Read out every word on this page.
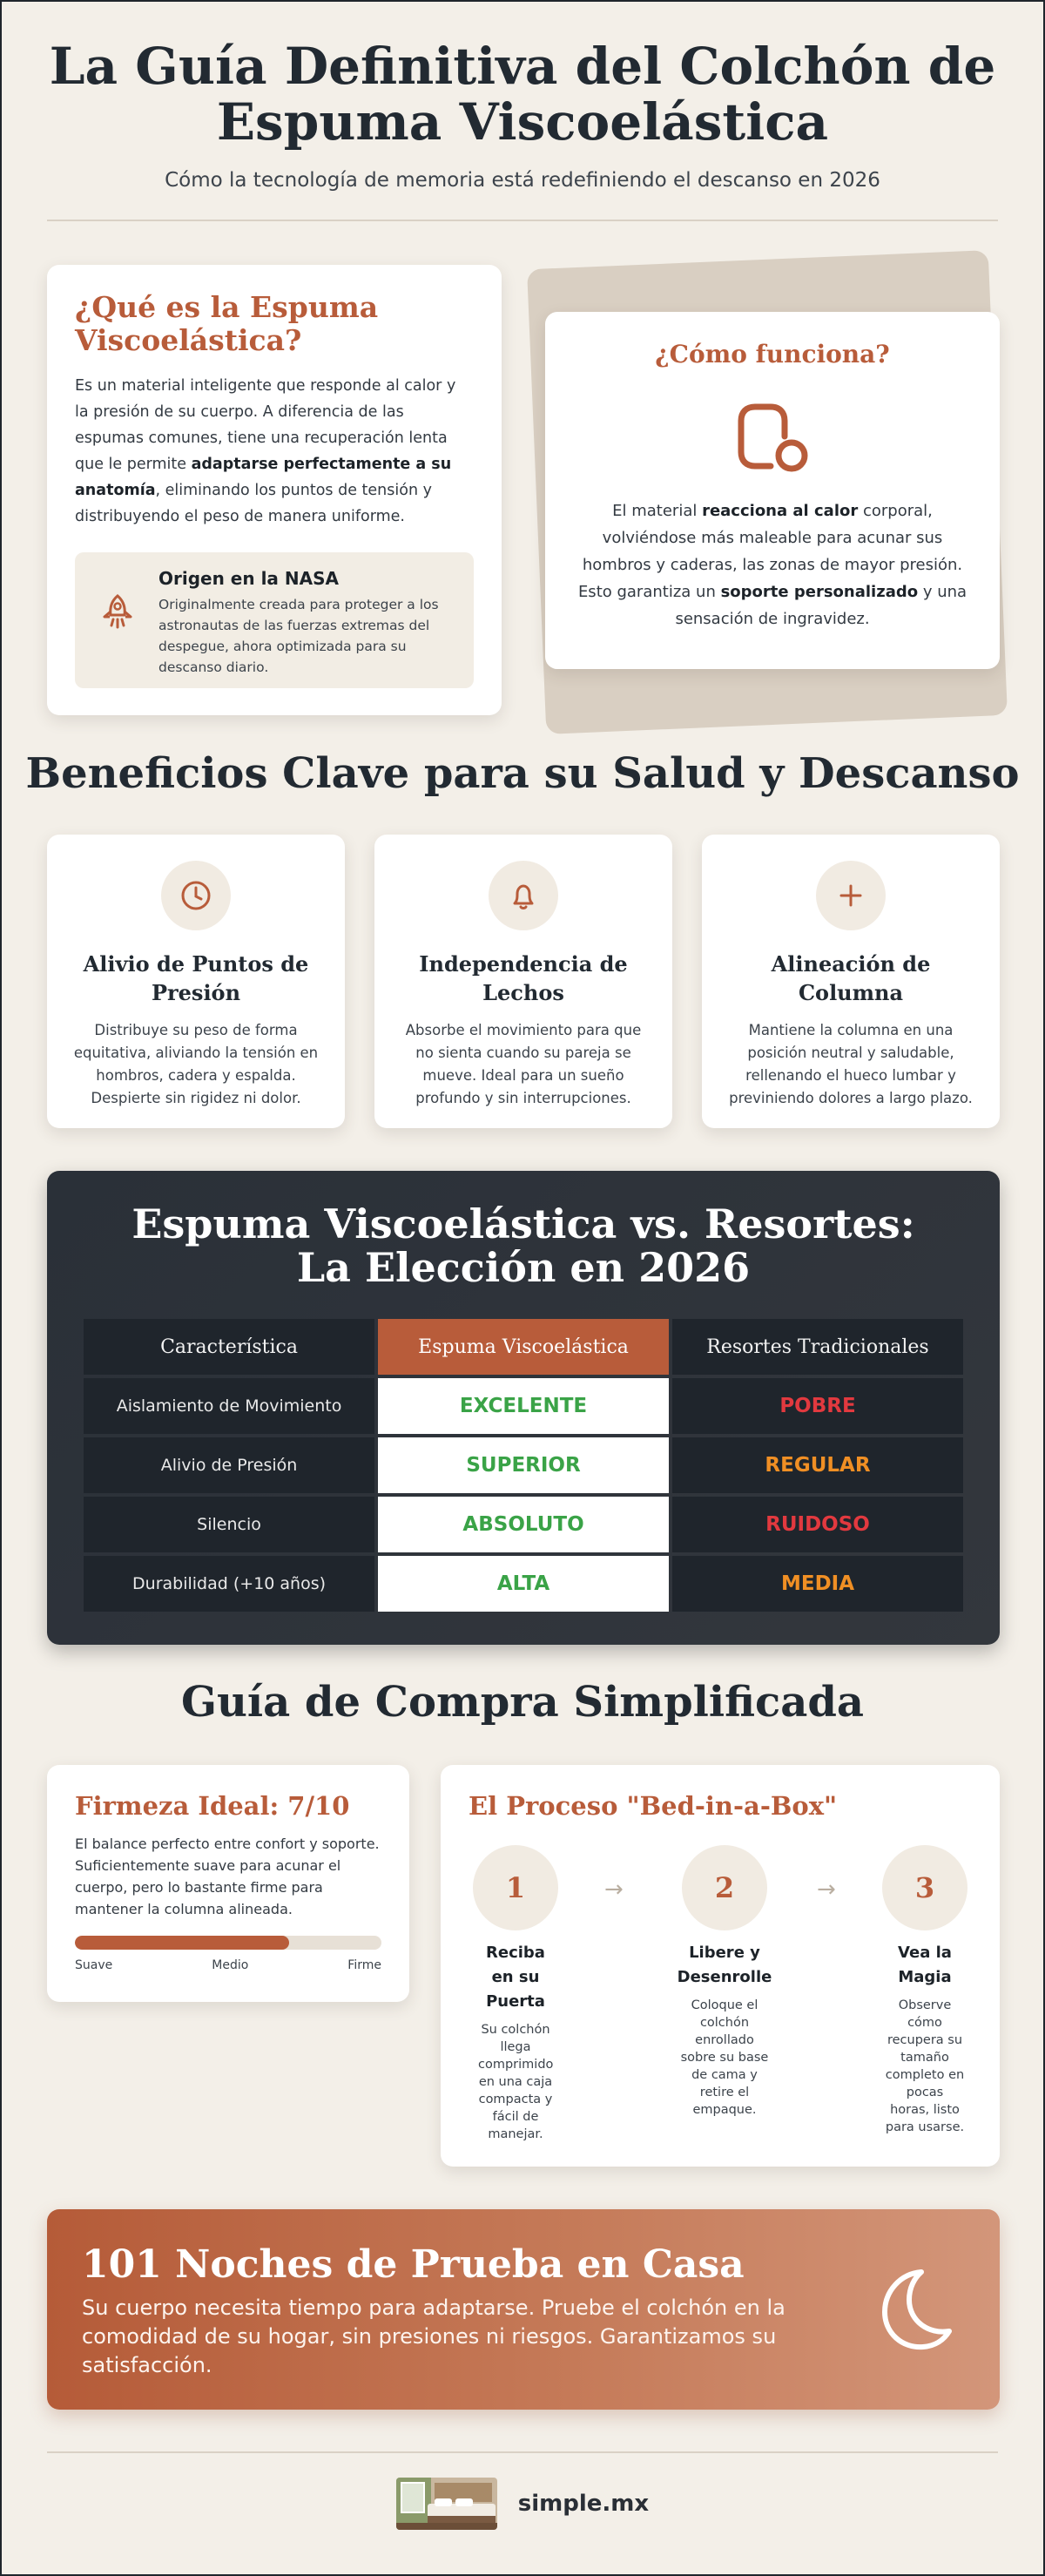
La Guía Definitiva del Colchón de Espuma Viscoelástica

Cómo la tecnología de memoria está redefiniendo el descanso en 2026

¿Qué es la Espuma Viscoelástica?

Es un material inteligente que responde al calor y la presión de su cuerpo. A diferencia de las espumas comunes, tiene una recuperación lenta que le permite adaptarse perfectamente a su anatomía, eliminando los puntos de tensión y distribuyendo el peso de manera uniforme.

Origen en la NASA
Originalmente creada para proteger a los astronautas de las fuerzas extremas del despegue, ahora optimizada para su descanso diario.
¿Cómo funciona?

El material reacciona al calor corporal, volviéndose más maleable para acunar sus hombros y caderas, las zonas de mayor presión. Esto garantiza un soporte personalizado y una sensación de ingravidez.

Beneficios Clave para su Salud y Descanso
Alivio de Puntos de Presión

Distribuye su peso de forma equitativa, aliviando la tensión en hombros, cadera y espalda. Despierte sin rigidez ni dolor.

Independencia de Lechos

Absorbe el movimiento para que no sienta cuando su pareja se mueve. Ideal para un sueño profundo y sin interrupciones.

Alineación de Columna

Mantiene la columna en una posición neutral y saludable, rellenando el hueco lumbar y previniendo dolores a largo plazo.

Espuma Viscoelástica vs. Resortes: La Elección en 2026
Característica	Espuma Viscoelástica	Resortes Tradicionales
Aislamiento de Movimiento	EXCELENTE	POBRE
Alivio de Presión	SUPERIOR	REGULAR
Silencio	ABSOLUTO	RUIDOSO
Durabilidad (+10 años)	ALTA	MEDIA
Guía de Compra Simplificada
Firmeza Ideal: 7/10

El balance perfecto entre confort y soporte. Suficientemente suave para acunar el cuerpo, pero lo bastante firme para mantener la columna alineada.

Suave	Medio	Firme
El Proceso "Bed-in-a-Box"
1
Reciba en su Puerta
Su colchón llega comprimido en una caja compacta y fácil de manejar.
→	2
Libere y Desenrolle
Coloque el colchón enrollado sobre su base de cama y retire el empaque.
→	3
Vea la Magia
Observe cómo recupera su tamaño completo en pocas horas, listo para usarse.
101 Noches de Prueba en Casa

Su cuerpo necesita tiempo para adaptarse. Pruebe el colchón en la comodidad de su hogar, sin presiones ni riesgos. Garantizamos su satisfacción.

simple.mx
